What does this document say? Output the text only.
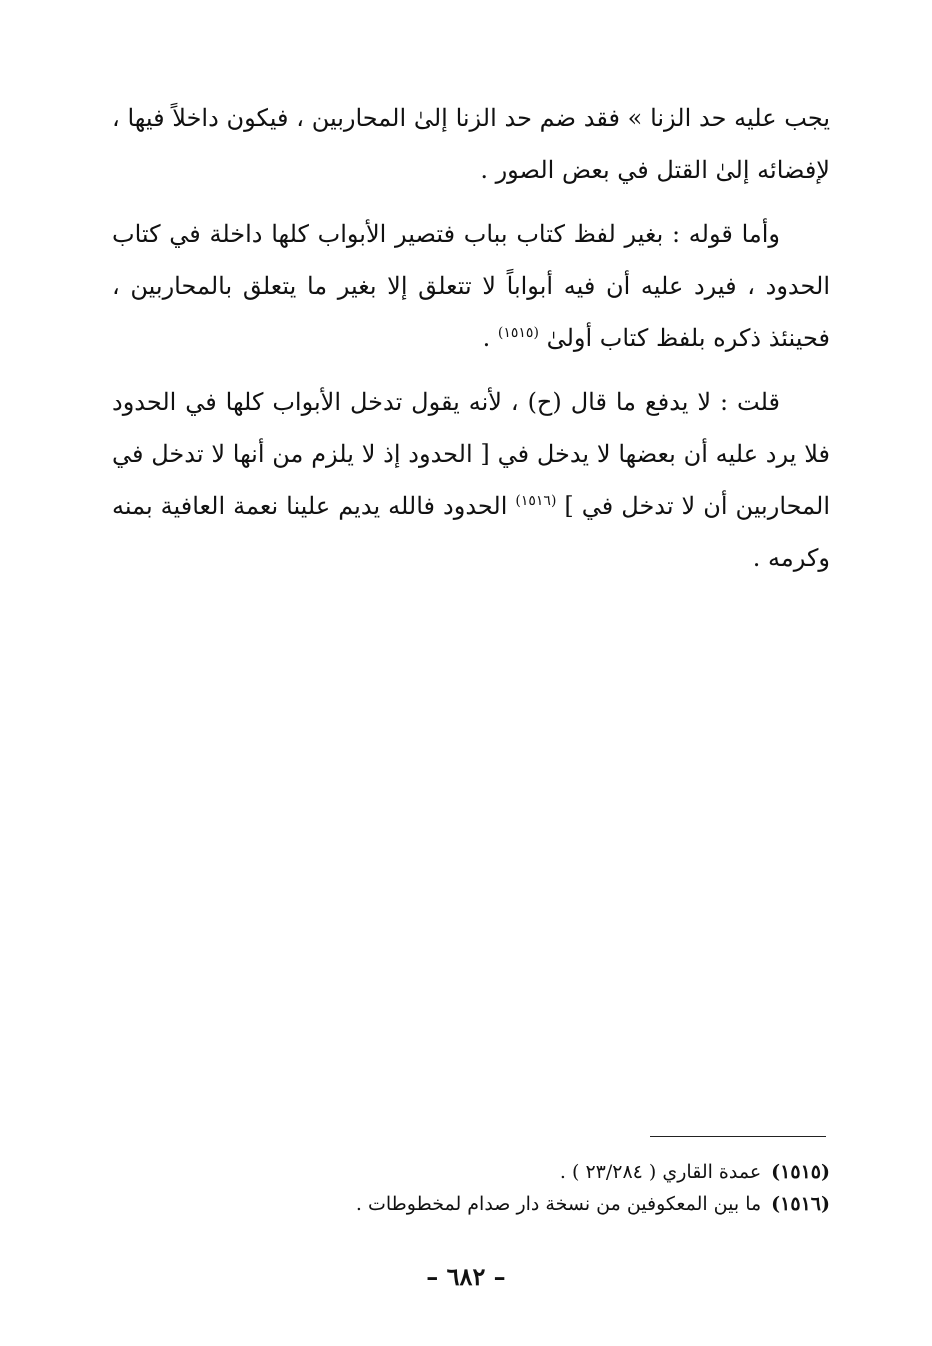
يجب عليه حد الزنا » فقد ضم حد الزنا إلىٰ المحاربين ، فيكون داخلاً فيها ، لإفضائه إلىٰ القتل في بعض الصور .

وأما قوله : بغير لفظ كتاب بباب فتصير الأبواب كلها داخلة في كتاب الحدود ، فيرد عليه أن فيه أبواباً لا تتعلق إلا بغير ما يتعلق بالمحاربين ، فحينئذ ذكره بلفظ كتاب أولىٰ $^{(١٥١٥)}$ .

قلت : لا يدفع ما قال (ح) ، لأنه يقول تدخل الأبواب كلها في الحدود فلا يرد عليه أن بعضها لا يدخل في [ الحدود إذ لا يلزم من أنها لا تدخل في المحاربين أن لا تدخل في ] $^{(١٥١٦)}$ الحدود فالله يديم علينا نعمة العافية بمنه وكرمه .

(١٥١٥)عمدة القاري ( ٢٣/٢٨٤ ) .

(١٥١٦)ما بين المعكوفين من نسخة دار صدام لمخطوطات .

– ٦٨٢ –
